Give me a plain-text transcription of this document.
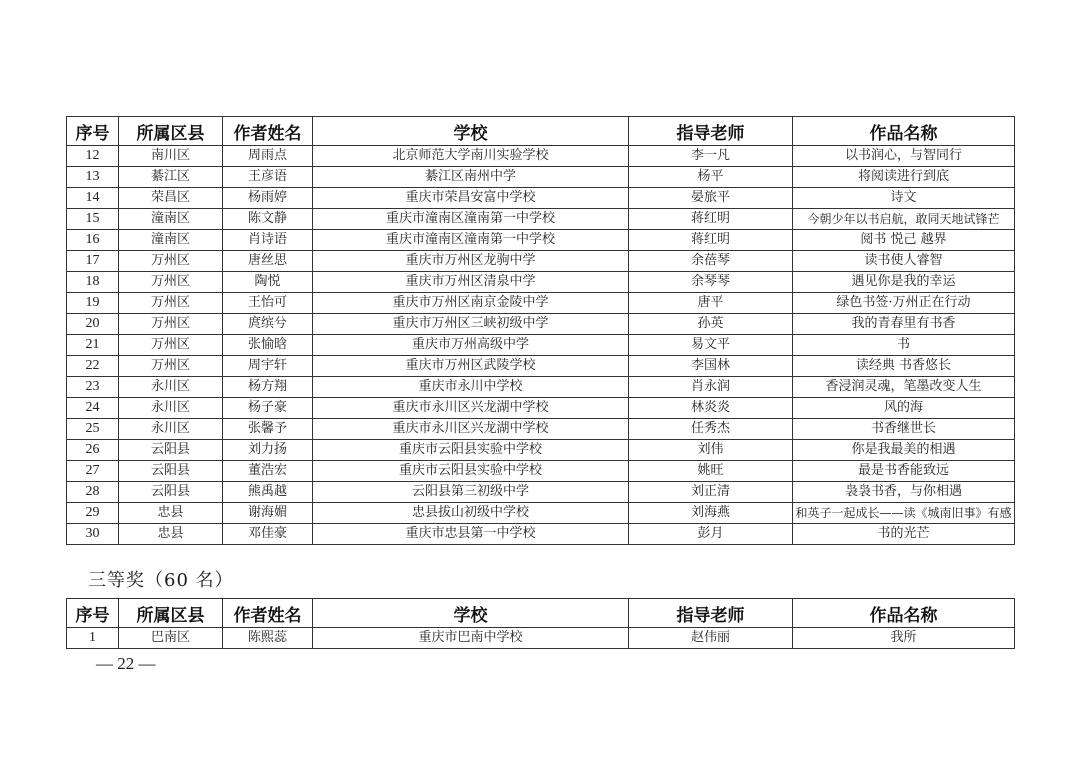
序号	所属区县	作者姓名	学校	指导老师	作品名称
12	南川区	周雨点	北京师范大学南川实验学校	李一凡	以书润心，与智同行
13	綦江区	王彦语	綦江区南州中学	杨平	将阅读进行到底
14	荣昌区	杨雨婷	重庆市荣昌安富中学校	晏旅平	诗文
15	潼南区	陈文静	重庆市潼南区潼南第一中学校	蒋红明	今朝少年以书启航，敢同天地试锋芒
16	潼南区	肖诗语	重庆市潼南区潼南第一中学校	蒋红明	阅书 悦己 越界
17	万州区	唐丝思	重庆市万州区龙驹中学	余蓓琴	读书使人睿智
18	万州区	陶悦	重庆市万州区清泉中学	余琴琴	遇见你是我的幸运
19	万州区	王怡可	重庆市万州区南京金陵中学	唐平	绿色书签·万州正在行动
20	万州区	庹缤兮	重庆市万州区三峡初级中学	孙英	我的青春里有书香
21	万州区	张愉晗	重庆市万州高级中学	易文平	书
22	万州区	周宇轩	重庆市万州区武陵学校	李国林	读经典 书香悠长
23	永川区	杨方翔	重庆市永川中学校	肖永润	香浸润灵魂，笔墨改变人生
24	永川区	杨子豪	重庆市永川区兴龙湖中学校	林炎炎	风的海
25	永川区	张馨予	重庆市永川区兴龙湖中学校	任秀杰	书香继世长
26	云阳县	刘力扬	重庆市云阳县实验中学校	刘伟	你是我最美的相遇
27	云阳县	董浩宏	重庆市云阳县实验中学校	姚旺	最是书香能致远
28	云阳县	熊禹越	云阳县第三初级中学	刘正清	袅袅书香，与你相遇
29	忠县	谢海媚	忠县拔山初级中学校	刘海燕	和英子一起成长——读《城南旧事》有感
30	忠县	邓佳豪	重庆市忠县第一中学校	彭月	书的光芒
三等奖（60 名）
序号	所属区县	作者姓名	学校	指导老师	作品名称
1	巴南区	陈熙蕊	重庆市巴南中学校	赵伟丽	我所
— 22 —
